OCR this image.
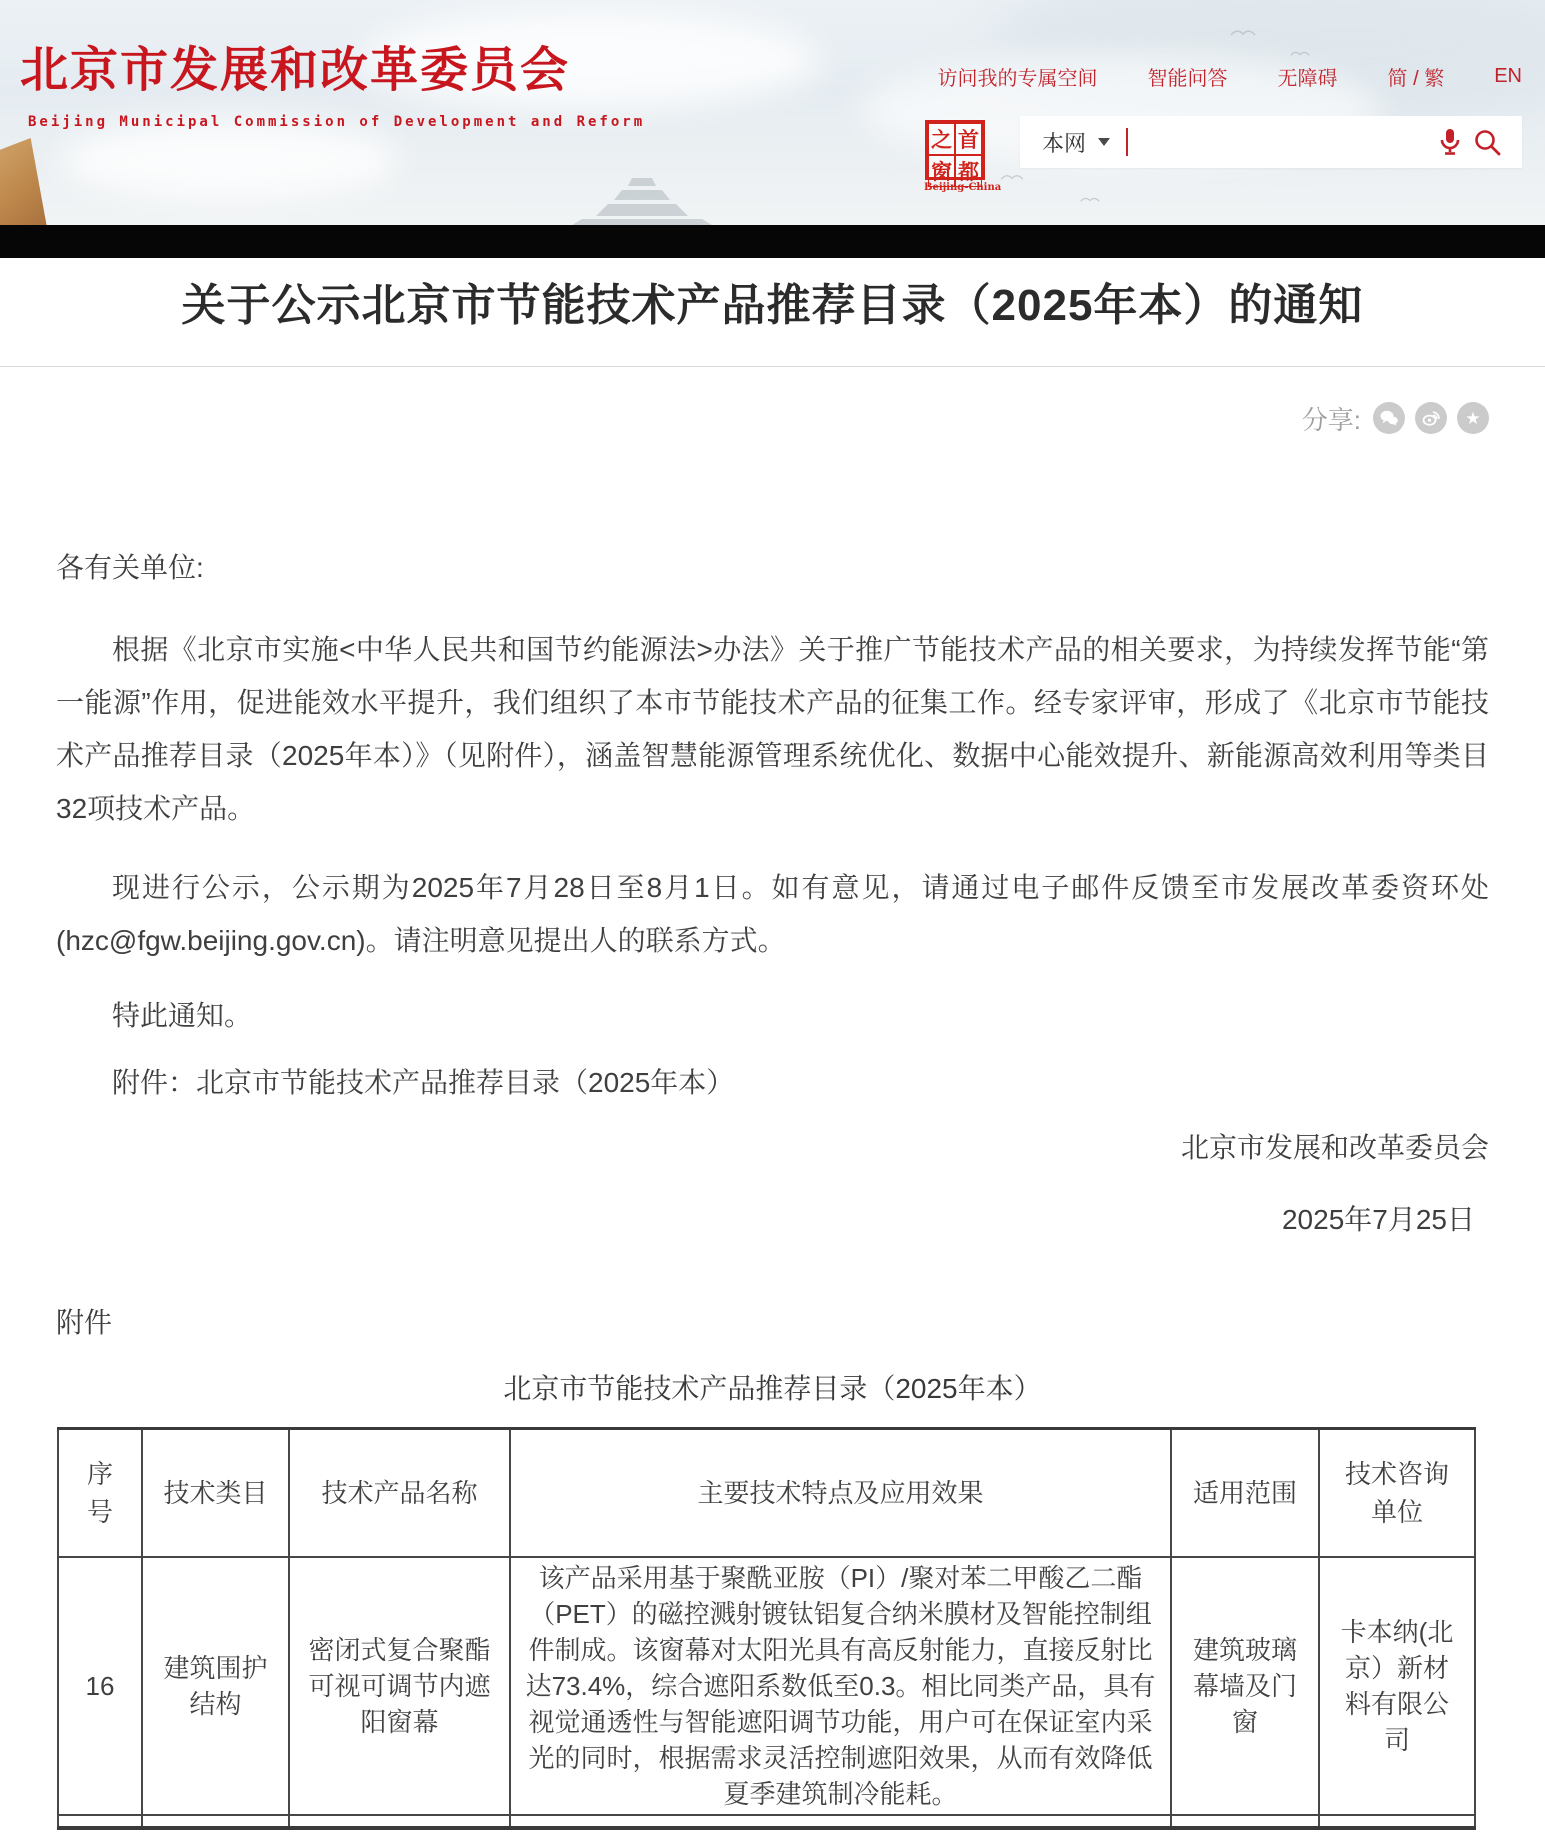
北京市发展和改革委员会
Beijing Municipal Commission of Development and Reform
访问我的专属空间	智能问答	无障碍	简 / 繁	EN
之 首
窗 都
Beijing-China
本网
关于公示北京市节能技术产品推荐目录（2025年本）的通知
分享:	★

各有关单位:

根据《北京市实施<中华人民共和国节约能源法>办法》关于推广节能技术产品的相关要求，为持续发挥节能“第一能源”作用，促进能效水平提升，我们组织了本市节能技术产品的征集工作。经专家评审，形成了《北京市节能技术产品推荐目录（2025年本）》（见附件），涵盖智慧能源管理系统优化、数据中心能效提升、新能源高效利用等类目32项技术产品。

现进行公示，公示期为2025年7月28日至8月1日。如有意见，请通过电子邮件反馈至市发展改革委资环处(hzc@fgw.beijing.gov.cn)。请注明意见提出人的联系方式。

特此通知。

附件：北京市节能技术产品推荐目录（2025年本）

北京市发展和改革委员会
2025年7月25日
附件
北京市节能技术产品推荐目录（2025年本）
序号	技术类目	技术产品名称	主要技术特点及应用效果	适用范围	技术咨询单位
16	建筑围护结构	密闭式复合聚酯可视可调节内遮阳窗幕	该产品采用基于聚酰亚胺（PI）/聚对苯二甲酸乙二酯（PET）的磁控溅射镀钛铝复合纳米膜材及智能控制组件制成。该窗幕对太阳光具有高反射能力，直接反射比达73.4%，综合遮阳系数低至0.3。相比同类产品，具有视觉通透性与智能遮阳调节功能，用户可在保证室内采光的同时，根据需求灵活控制遮阳效果，从而有效降低夏季建筑制冷能耗。	建筑玻璃幕墙及门窗	卡本纳(北京）新材料有限公司
